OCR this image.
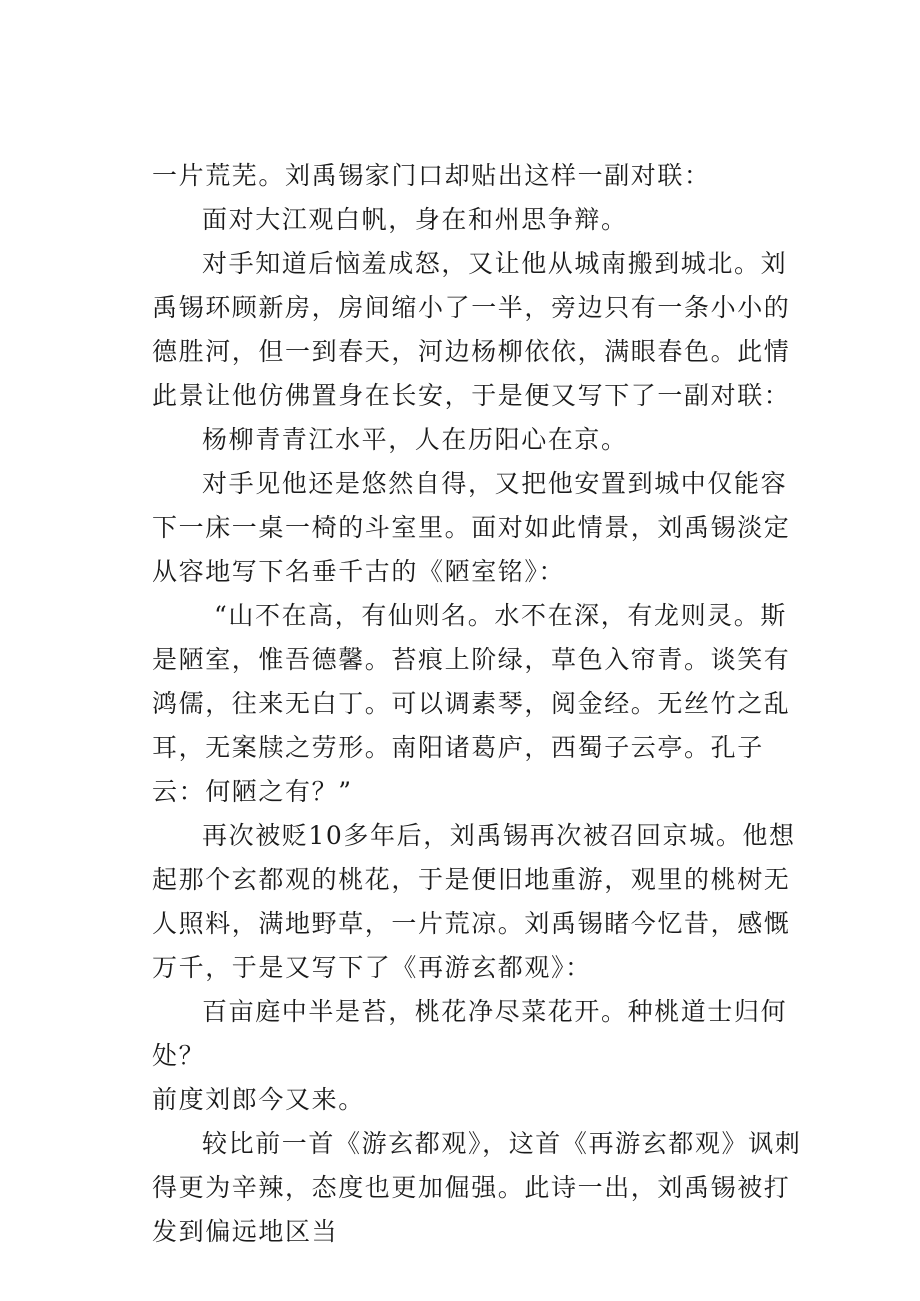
一片荒芜。刘禹锡家门口却贴出这样一副对联：

面对大江观白帆，身在和州思争辩。

对手知道后恼羞成怒，又让他从城南搬到城北。刘禹锡环顾新房，房间缩小了一半，旁边只有一条小小的德胜河，但一到春天，河边杨柳依依，满眼春色。此情此景让他仿佛置身在长安，于是便又写下了一副对联：

杨柳青青江水平，人在历阳心在京。

对手见他还是悠然自得，又把他安置到城中仅能容下一床一桌一椅的斗室里。面对如此情景，刘禹锡淡定从容地写下名垂千古的《陋室铭》：

“山不在高，有仙则名。水不在深，有龙则灵。斯是陋室，惟吾德馨。苔痕上阶绿，草色入帘青。谈笑有鸿儒，往来无白丁。可以调素琴，阅金经。无丝竹之乱耳，无案牍之劳形。南阳诸葛庐，西蜀子云亭。孔子云：何陋之有？”

再次被贬10多年后，刘禹锡再次被召回京城。他想起那个玄都观的桃花，于是便旧地重游，观里的桃树无人照料，满地野草，一片荒凉。刘禹锡睹今忆昔，感慨万千，于是又写下了《再游玄都观》：

百亩庭中半是苔，桃花净尽菜花开。种桃道士归何处？

前度刘郎今又来。

较比前一首《游玄都观》，这首《再游玄都观》讽刺得更为辛辣，态度也更加倔强。此诗一出，刘禹锡被打发到偏远地区当
